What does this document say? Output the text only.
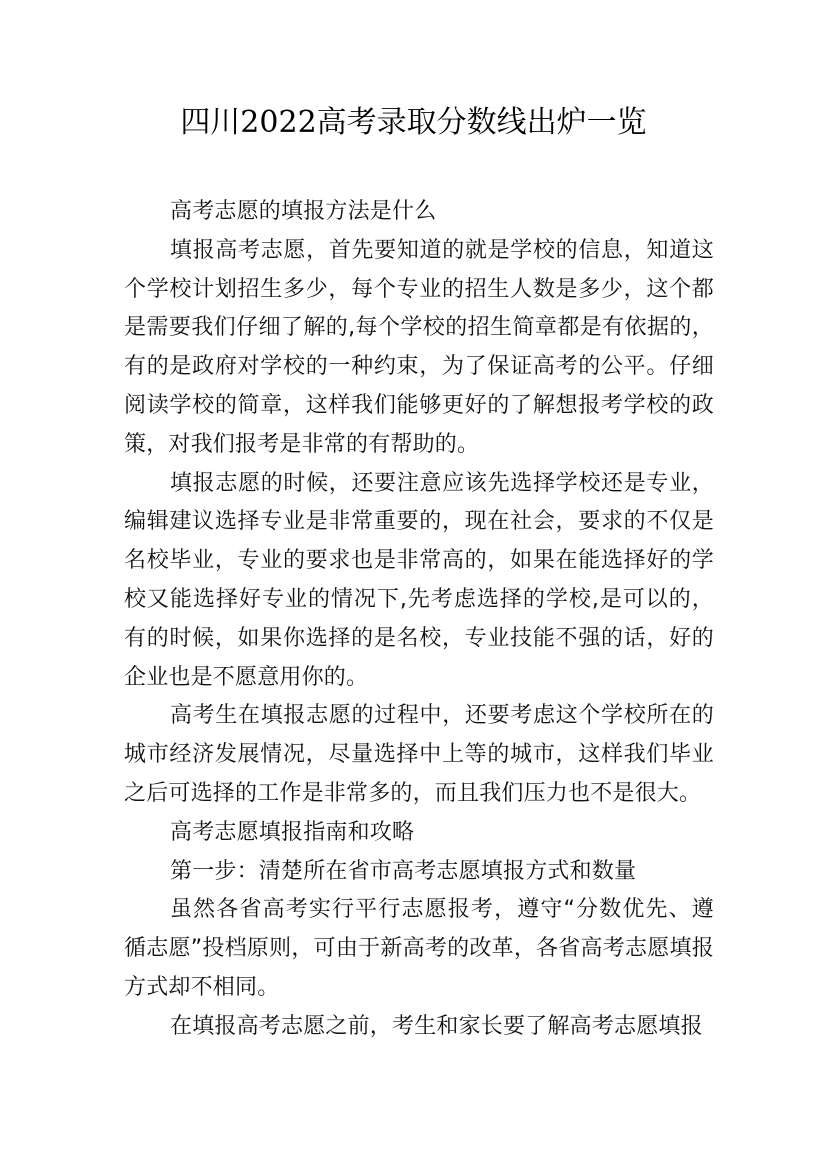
四川2022高考录取分数线出炉一览

高考志愿的填报方法是什么

填报高考志愿，首先要知道的就是学校的信息，知道这个学校计划招生多少，每个专业的招生人数是多少，这个都是需要我们仔细了解的,每个学校的招生简章都是有依据的，有的是政府对学校的一种约束，为了保证高考的公平。仔细阅读学校的简章，这样我们能够更好的了解想报考学校的政策，对我们报考是非常的有帮助的。

填报志愿的时候，还要注意应该先选择学校还是专业，编辑建议选择专业是非常重要的，现在社会，要求的不仅是名校毕业，专业的要求也是非常高的，如果在能选择好的学校又能选择好专业的情况下,先考虑选择的学校,是可以的，有的时候，如果你选择的是名校，专业技能不强的话，好的企业也是不愿意用你的。

高考生在填报志愿的过程中，还要考虑这个学校所在的城市经济发展情况，尽量选择中上等的城市，这样我们毕业之后可选择的工作是非常多的，而且我们压力也不是很大。

高考志愿填报指南和攻略

第一步：清楚所在省市高考志愿填报方式和数量

虽然各省高考实行平行志愿报考，遵守“分数优先、遵循志愿”投档原则，可由于新高考的改革，各省高考志愿填报方式却不相同。

在填报高考志愿之前，考生和家长要了解高考志愿填报
